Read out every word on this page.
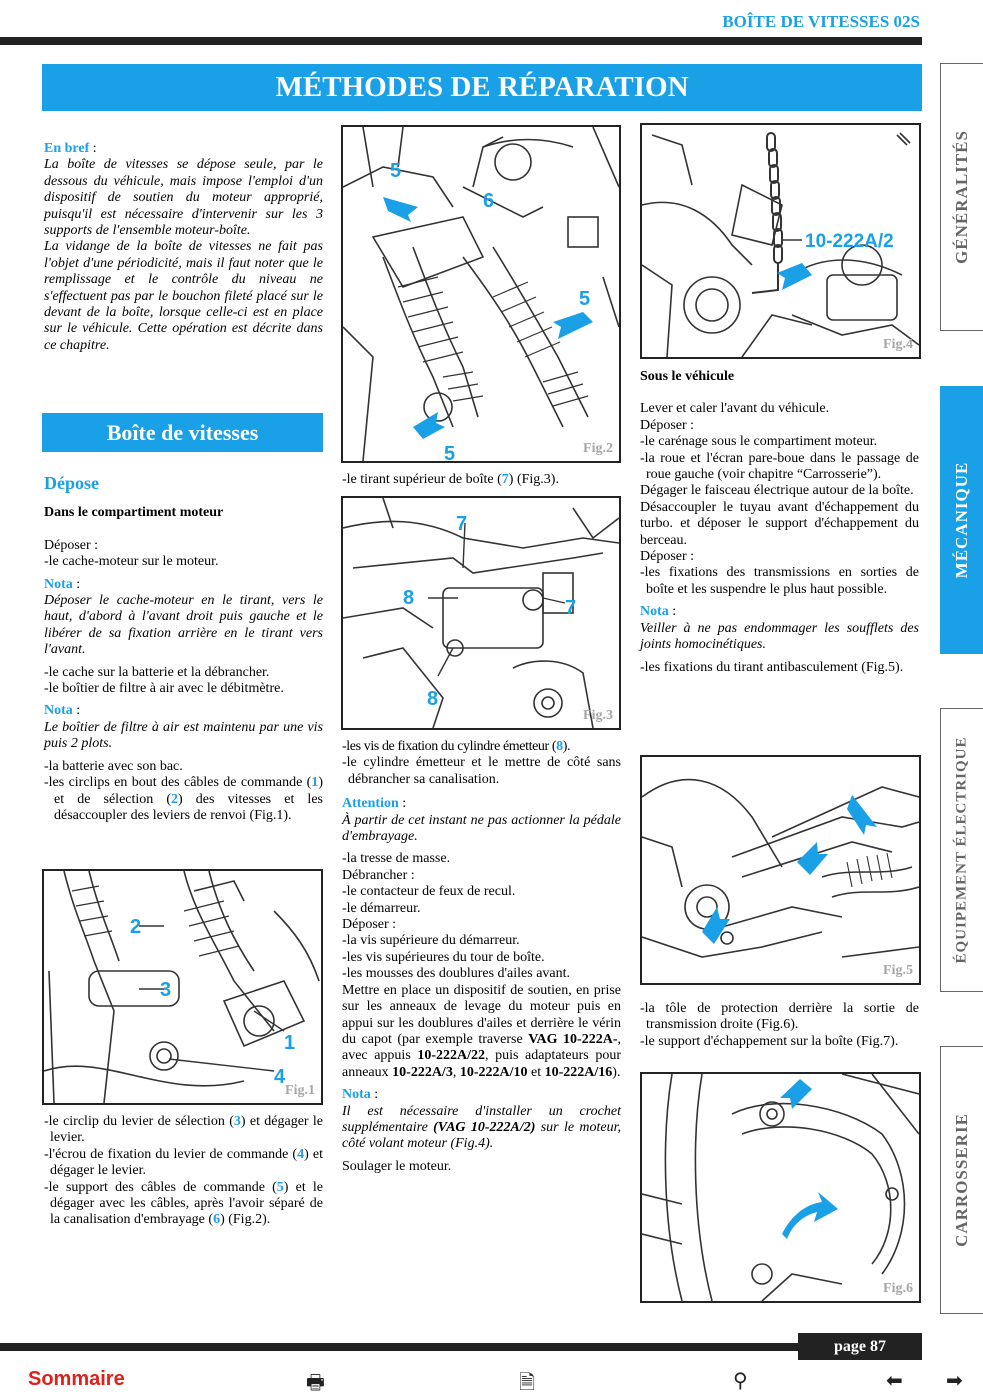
BOÎTE DE VITESSES 02S
MÉTHODES DE RÉPARATION
GÉNÉRALITÉS
MÉCANIQUE
ÉQUIPEMENT ÉLECTRIQUE
CARROSSERIE

En bref :

La boîte de vitesses se dépose seule, par le dessous du véhicule, mais impose l'emploi d'un dispositif de soutien du moteur approprié, puisqu'il est nécessaire d'intervenir sur les 3 supports de l'ensemble moteur-boîte.

La vidange de la boîte de vitesses ne fait pas l'objet d'une périodicité, mais il faut noter que le remplissage et le contrôle du niveau ne s'effectuent pas par le bouchon fileté placé sur le devant de la boîte, lorsque celle-ci est en place sur le véhicule. Cette opération est décrite dans ce chapitre.

Boîte de vitesses

Dépose

Dans le compartiment moteur

Déposer :

-le cache-moteur sur le moteur.

Nota :

Déposer le cache-moteur en le tirant, vers le haut, d'abord à l'avant droit puis gauche et le libérer de sa fixation arrière en le tirant vers l'avant.

-le cache sur la batterie et la débrancher.

-le boîtier de filtre à air avec le débitmètre.

Nota :

Le boîtier de filtre à air est maintenu par une vis puis 2 plots.

-la batterie avec son bac.

-les circlips en bout des câbles de commande (1) et de sélection (2) des vitesses et les désaccoupler des leviers de renvoi (Fig.1).

2
3
1
4
Fig.1

-le circlip du levier de sélection (3) et dégager le levier.

-l'écrou de fixation du levier de commande (4) et dégager le levier.

-le support des câbles de commande (5) et le dégager avec les câbles, après l'avoir séparé de la canalisation d'embrayage (6) (Fig.2).

5
6
5
5	Fig.2

-le tirant supérieur de boîte (7) (Fig.3).

7
8	7
8
Fig.3

-les vis de fixation du cylindre émetteur (8).

-le cylindre émetteur et le mettre de côté sans débrancher sa canalisation.

Attention :

À partir de cet instant ne pas actionner la pédale d'embrayage.

-la tresse de masse.

Débrancher :

-le contacteur de feux de recul.

-le démarreur.

Déposer :

-la vis supérieure du démarreur.

-les vis supérieures du tour de boîte.

-les mousses des doublures d'ailes avant.

Mettre en place un dispositif de soutien, en prise sur les anneaux de levage du moteur puis en appui sur les doublures d'ailes et derrière le vérin du capot (par exemple traverse VAG 10-222A-, avec appuis 10-222A/22, puis adaptateurs pour anneaux 10-222A/3, 10-222A/10 et 10-222A/16).

Nota :

Il est nécessaire d'installer un crochet supplémentaire (VAG 10-222A/2) sur le moteur, côté volant moteur (Fig.4).

Soulager le moteur.

10-222A/2
Fig.4

Sous le véhicule

Lever et caler l'avant du véhicule.

Déposer :

-le carénage sous le compartiment moteur.

-la roue et l'écran pare-boue dans le passage de roue gauche (voir chapitre “Carrosserie”).

Dégager le faisceau électrique autour de la boîte.

Désaccoupler le tuyau avant d'échappement du turbo. et déposer le support d'échappement du berceau.

Déposer :

-les fixations des transmissions en sorties de boîte et les suspendre le plus haut possible.

Nota :

Veiller à ne pas endommager les soufflets des joints homocinétiques.

-les fixations du tirant antibasculement (Fig.5).

Fig.5

-la tôle de protection derrière la sortie de transmission droite (Fig.6).

-le support d'échappement sur la boîte (Fig.7).

Fig.6
page 87
Sommaire	🖶	🗎	⚲	⬅ ➡
